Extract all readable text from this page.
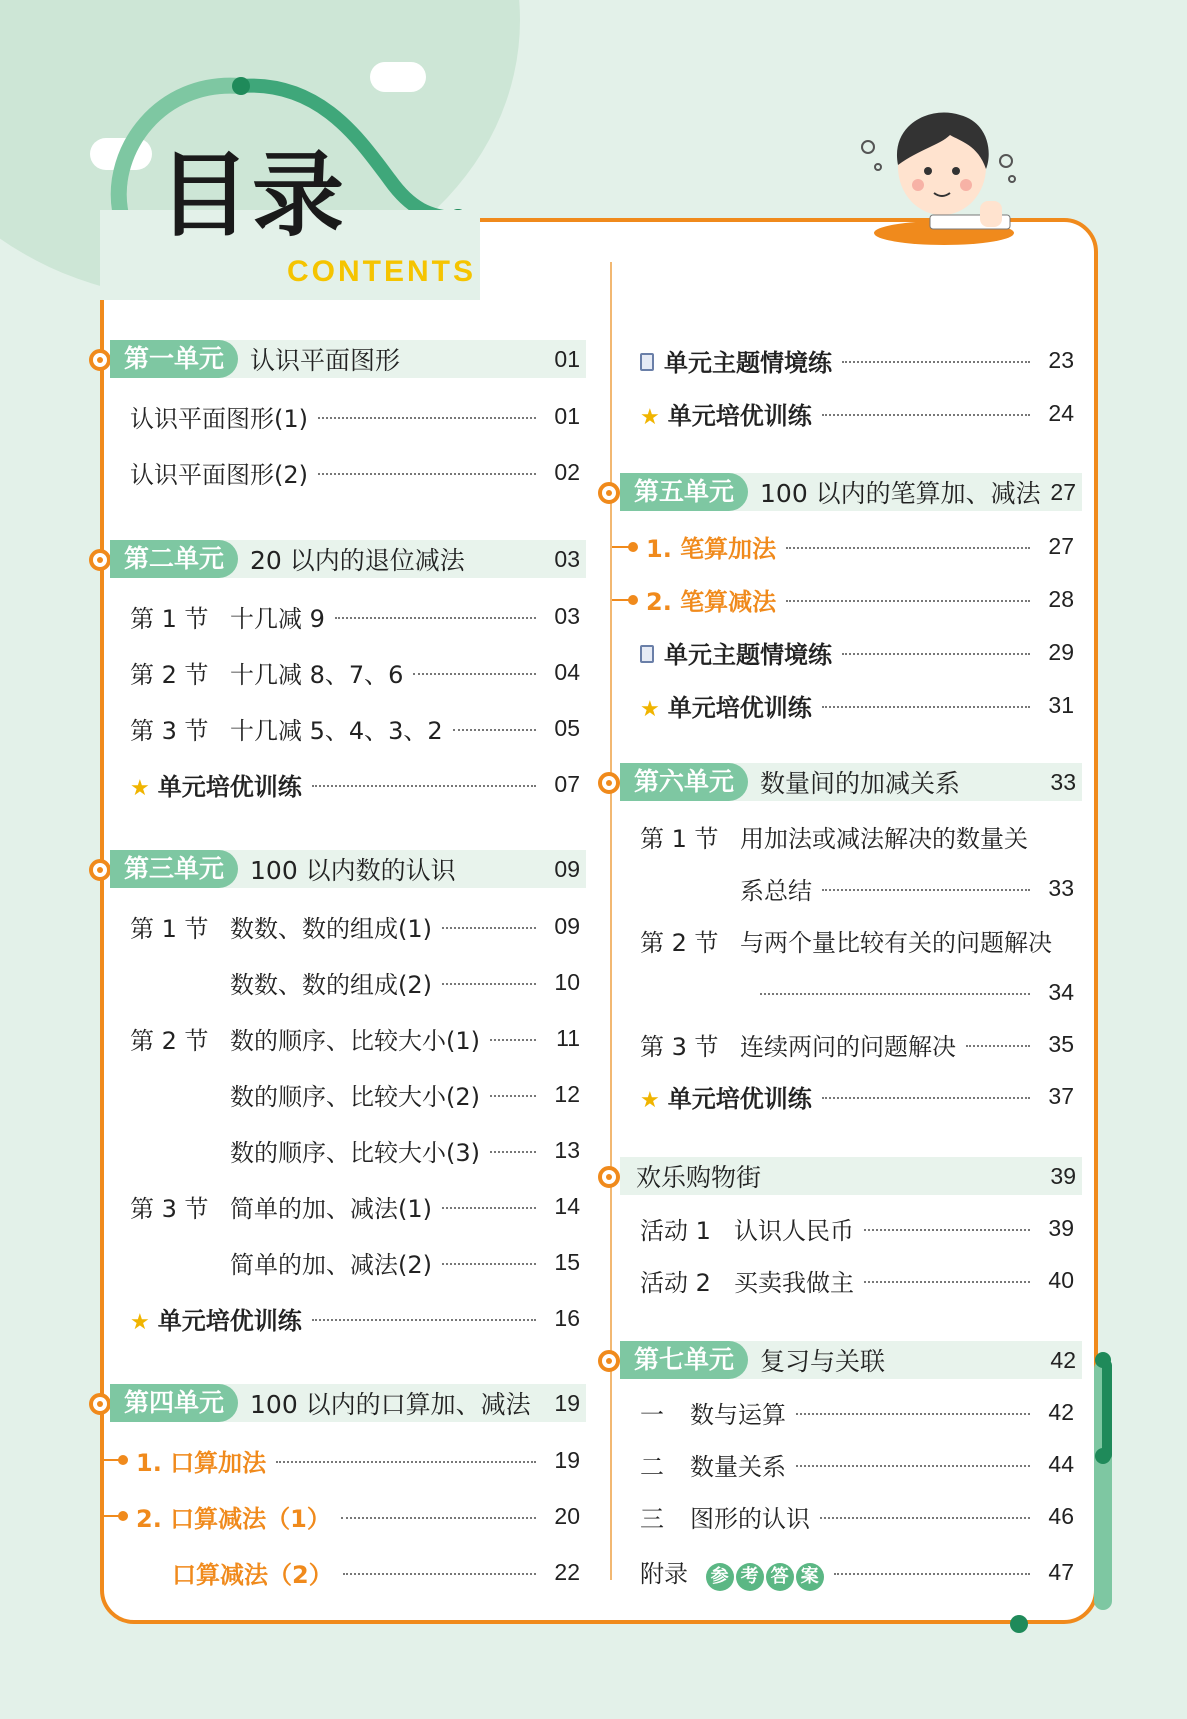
目录
CONTENTS
第一单元	认识平面图形	01
认识平面图形(1)	01
认识平面图形(2)	02
第二单元	20 以内的退位减法	03
第 1 节 十几减 9	03
第 2 节 十几减 8、7、6	04
第 3 节 十几减 5、4、3、2	05
★ 单元培优训练	07
第三单元	100 以内数的认识	09
第 1 节 数数、数的组成(1)	09
数数、数的组成(2)	10
第 2 节 数的顺序、比较大小(1)	11
数的顺序、比较大小(2)	12
数的顺序、比较大小(3)	13
第 3 节 简单的加、减法(1)	14
简单的加、减法(2)	15
★ 单元培优训练	16
第四单元	100 以内的口算加、减法	19
1. 口算加法	19
2. 口算减法（1）	20
口算减法（2）	22
单元主题情境练	23
★ 单元培优训练	24
第五单元	100 以内的笔算加、减法 27
1. 笔算加法	27
2. 笔算减法	28
单元主题情境练	29
★ 单元培优训练	31
第六单元	数量间的加减关系	33
第 1 节 用加法或减法解决的数量关
系总结	33
第 2 节 与两个量比较有关的问题解决
34
第 3 节 连续两问的问题解决	35
★ 单元培优训练	37
欢乐购物街	39
活动 1 认识人民币	39
活动 2 买卖我做主	40
第七单元	复习与关联	42
一 数与运算	42
二 数量关系	44
三 图形的认识	46
附录 参 考 答 案	47
